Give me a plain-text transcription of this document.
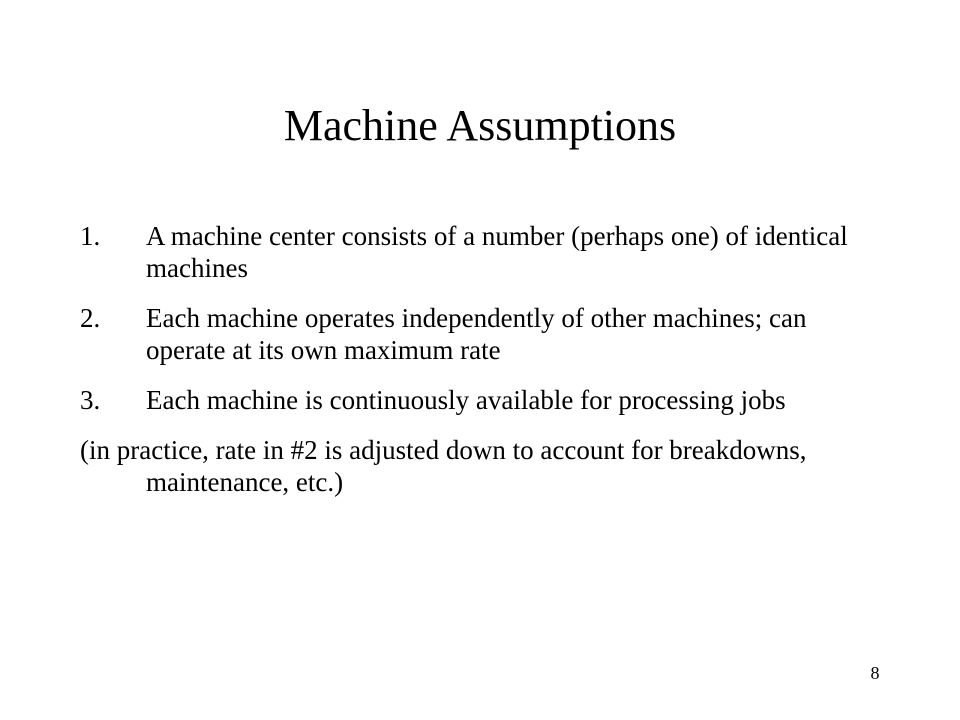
Machine Assumptions
1. A machine center consists of a number (perhaps one) of identical machines
2. Each machine operates independently of other machines; can operate at its own maximum rate
3. Each machine is continuously available for processing jobs

(in practice, rate in #2 is adjusted down to account for breakdowns, maintenance, etc.)

8
